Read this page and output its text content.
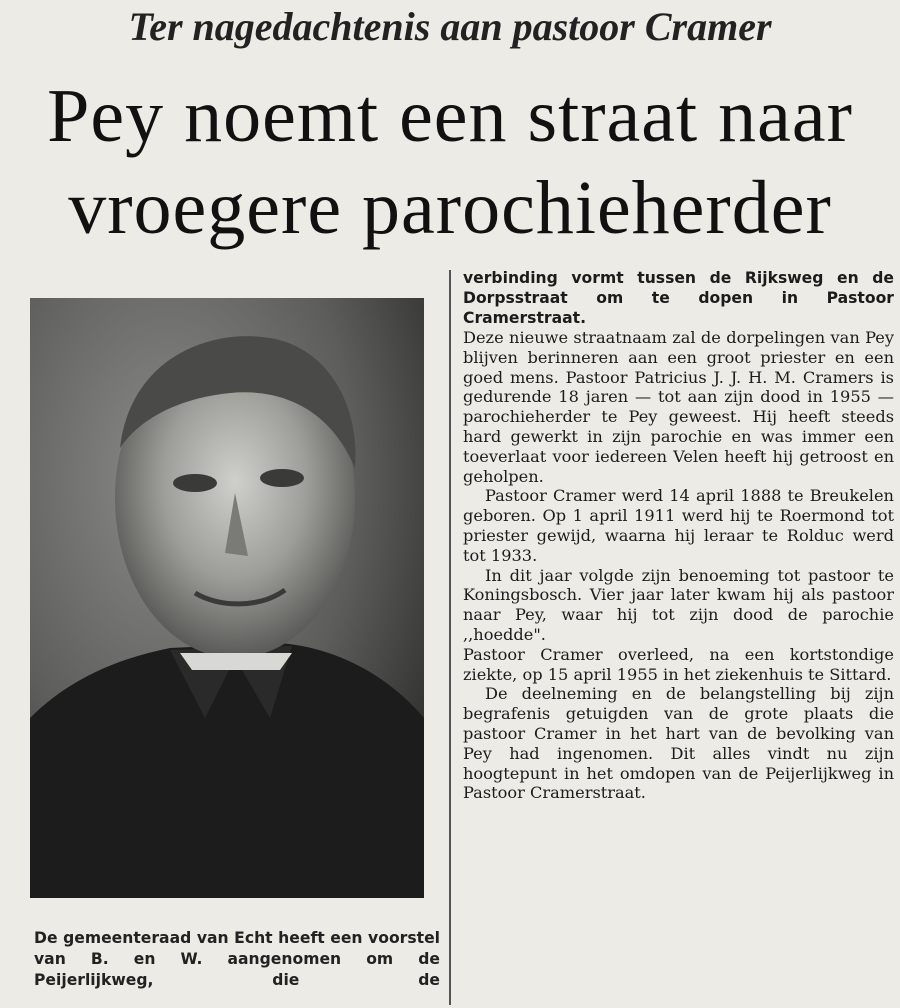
Ter nagedachtenis aan pastoor Cramer
Pey noemt een straat naar
vroegere parochieherder

De gemeenteraad van Echt heeft een voorstel van B. en W. aangenomen om de Peijerlijkweg, die de

verbinding vormt tussen de Rijksweg en de Dorpsstraat om te dopen in Pastoor Cramerstraat.

Deze nieuwe straatnaam zal de dorpelingen van Pey blijven berinneren aan een groot priester en een goed mens. Pastoor Patricius J. J. H. M. Cramers is gedurende 18 jaren — tot aan zijn dood in 1955 — parochieherder te Pey geweest. Hij heeft steeds hard gewerkt in zijn parochie en was immer een toeverlaat voor iedereen Velen heeft hij getroost en geholpen.

Pastoor Cramer werd 14 april 1888 te Breukelen geboren. Op 1 april 1911 werd hij te Roermond tot priester gewijd, waarna hij leraar te Rolduc werd tot 1933.

In dit jaar volgde zijn benoeming tot pastoor te Koningsbosch. Vier jaar later kwam hij als pastoor naar Pey, waar hij tot zijn dood de parochie ,,hoedde".

Pastoor Cramer overleed, na een kortstondige ziekte, op 15 april 1955 in het ziekenhuis te Sittard.

De deelneming en de belangstelling bij zijn begrafenis getuigden van de grote plaats die pastoor Cramer in het hart van de bevolking van Pey had ingenomen. Dit alles vindt nu zijn hoogtepunt in het omdopen van de Peijerlijkweg in Pastoor Cramerstraat.
